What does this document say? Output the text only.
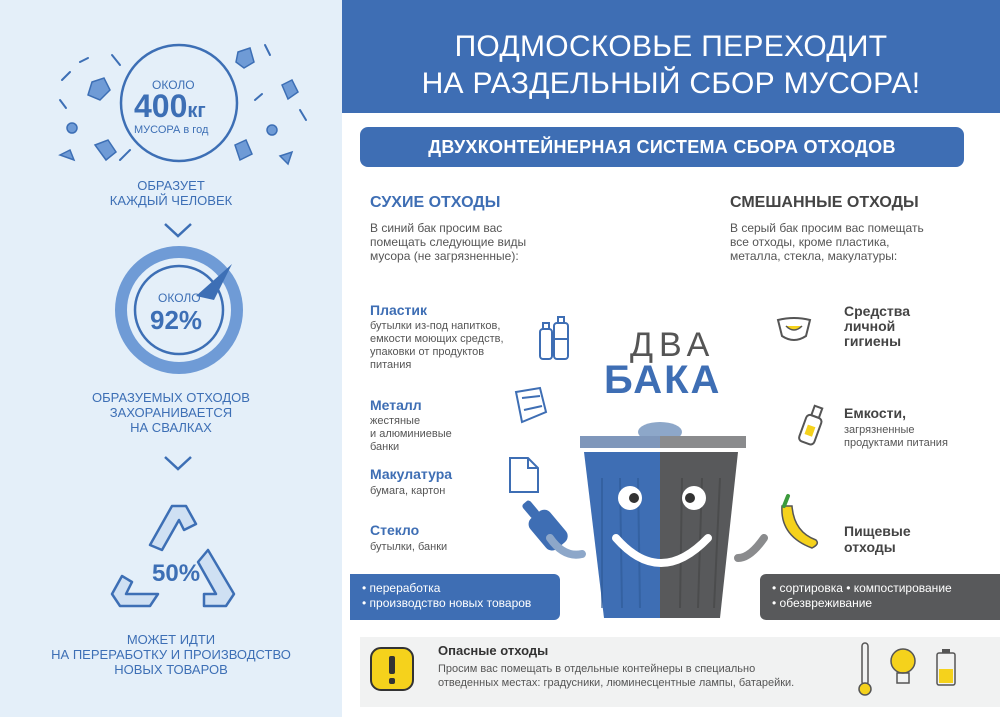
ОКОЛО
400кг
МУСОРА в год
ОБРАЗУЕТ
КАЖДЫЙ ЧЕЛОВЕК
ОКОЛО
92%
ОБРАЗУЕМЫХ ОТХОДОВ
ЗАХОРАНИВАЕТСЯ
НА СВАЛКАХ
50%
МОЖЕТ ИДТИ
НА ПЕРЕРАБОТКУ И ПРОИЗВОДСТВО
НОВЫХ ТОВАРОВ
ПОДМОСКОВЬЕ ПЕРЕХОДИТ
НА РАЗДЕЛЬНЫЙ СБОР МУСОРА!
ДВУХКОНТЕЙНЕРНАЯ СИСТЕМА СБОРА ОТХОДОВ
СУХИЕ ОТХОДЫ
В синий бак просим вас
помещать следующие виды
мусора (не загрязненные):
Пластик
бутылки из-под напитков,
емкости моющих средств,
упаковки от продуктов
питания
Металл
жестяные
и алюминиевые
банки
Макулатура
бумага, картон
Стекло
бутылки, банки
СМЕШАННЫЕ ОТХОДЫ
В серый бак просим вас помещать
все отходы, кроме пластика,
металла, стекла, макулатуры:
Средства
личной
гигиены
Емкости,
загрязненные
продуктами питания
Пищевые
отходы
ДВА
БАКА
• переработка
• производство новых товаров
• сортировка • компостирование
• обезвреживание
Опасные отходы
Просим вас помещать в отдельные контейнеры в специально
отведенных местах: градусники, люминесцентные лампы, батарейки.
